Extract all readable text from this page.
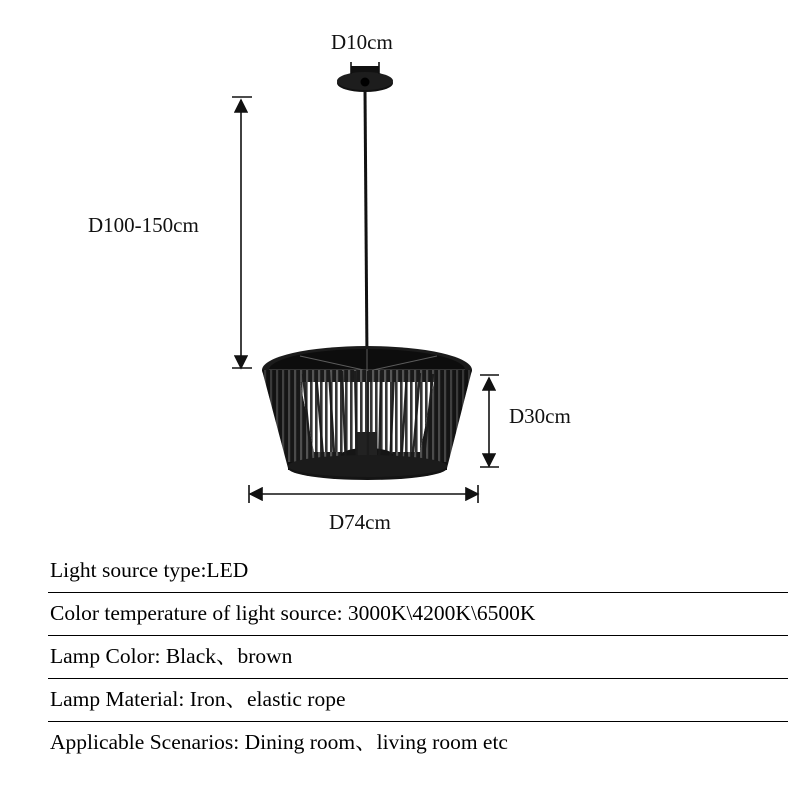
D10cm
D100-150cm
D30cm
D74cm
Light source type:LED
Color temperature of light source: 3000K\4200K\6500K
Lamp Color: Black、brown
Lamp Material: Iron、elastic rope
Applicable Scenarios: Dining room、living room etc
